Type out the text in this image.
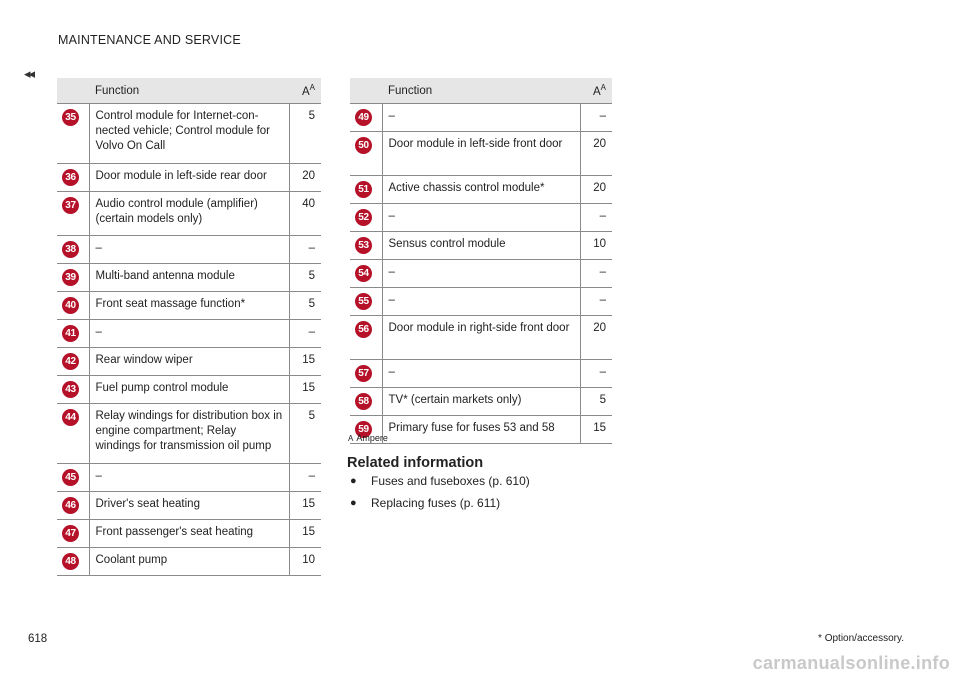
MAINTENANCE AND SERVICE
◂◂
	Function	$A^A$
35	Control module for Internet-con-nected vehicle; Control module for Volvo On Call	5
36	Door module in left-side rear door	20
37	Audio control module (amplifier) (certain models only)	40
38	–	–
39	Multi-band antenna module	5
40	Front seat massage function*	5
41	–	–
42	Rear window wiper	15
43	Fuel pump control module	15
44	Relay windings for distribution box in engine compartment; Relay windings for transmission oil pump	5
45	–	–
46	Driver's seat heating	15
47	Front passenger's seat heating	15
48	Coolant pump	10
	Function	$A^A$
49	–	–
50	Door module in left-side front door	20
51	Active chassis control module*	20
52	–	–
53	Sensus control module	10
54	–	–
55	–	–
56	Door module in right-side front door	20
57	–	–
58	TV* (certain markets only)	5
59	Primary fuse for fuses 53 and 58	15
A Ampere
Related information
● Fuses and fuseboxes (p. 610)
● Replacing fuses (p. 611)
* Option/accessory.
618
carmanualsonline.info
